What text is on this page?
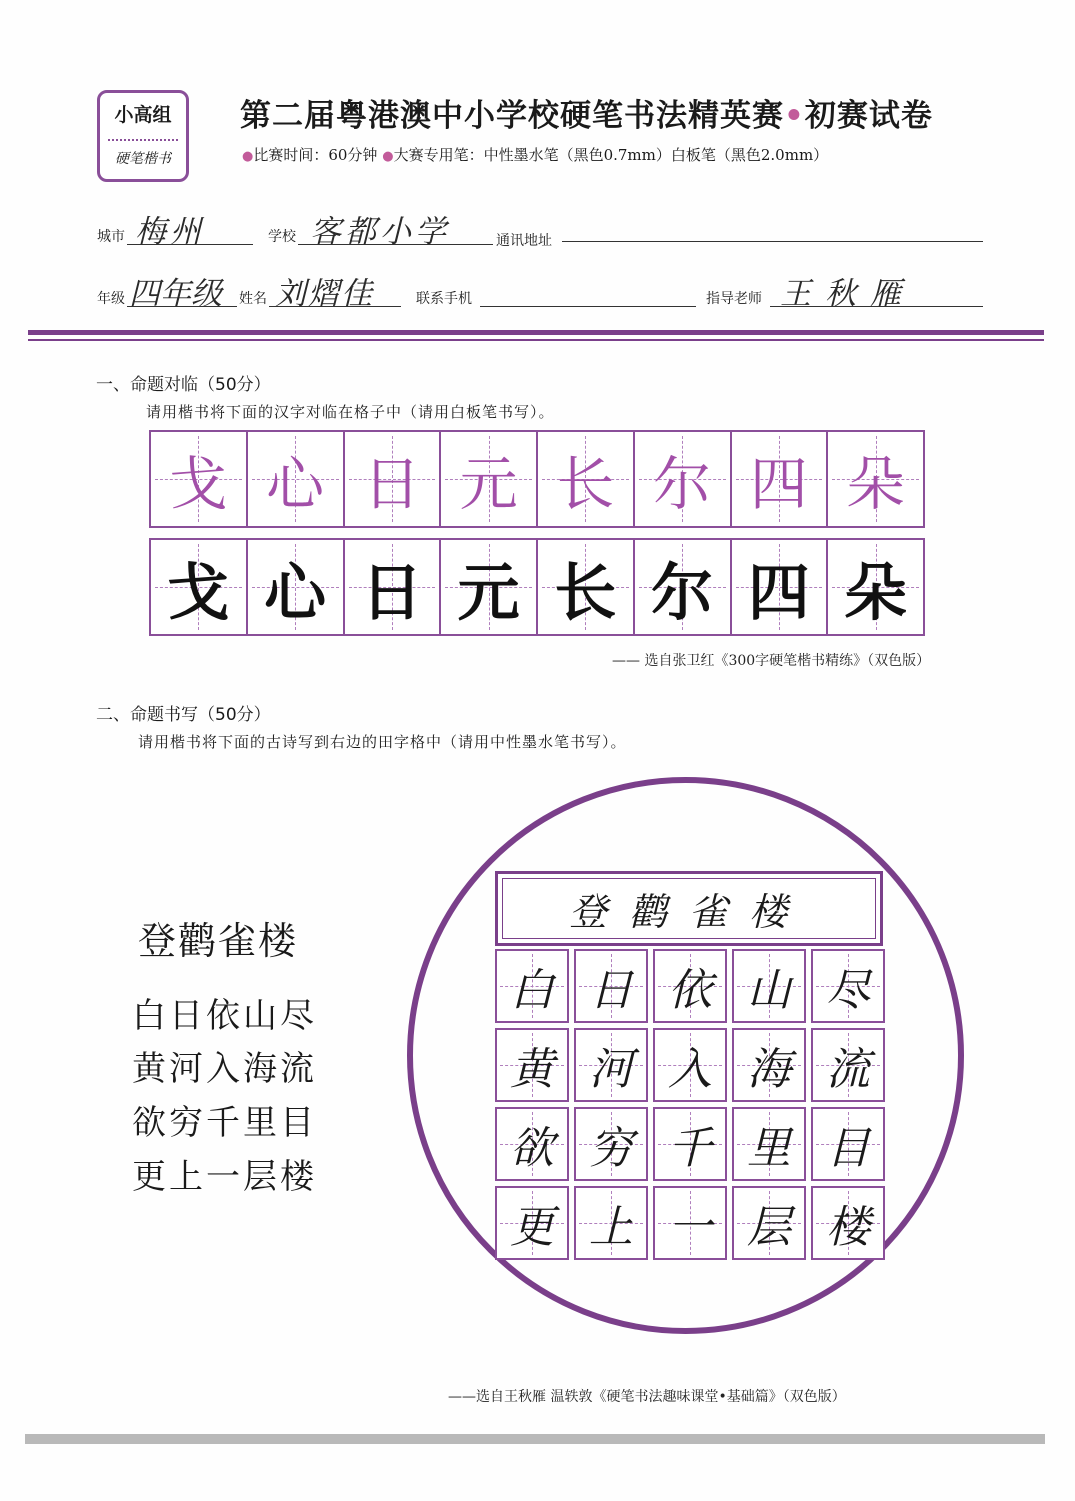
小高组
硬笔楷书
第二届粤港澳中小学校硬笔书法精英赛•初赛试卷
●比赛时间：60分钟 ●大赛专用笔：中性墨水笔（黑色0.7mm）白板笔（黑色2.0mm）
城市 梅州	学校 客都小学	通讯地址
年级 四年级 姓名 刘熠佳	联系手机	指导老师 王秋雁
一、命题对临（50分）
请用楷书将下面的汉字对临在格子中（请用白板笔书写）。
戈 心 日 元 长 尔 四 朵
戈 心 日 元 长 尔 四 朵
—— 选自张卫红《300字硬笔楷书精练》（双色版）
二、命题书写（50分）
请用楷书将下面的古诗写到右边的田字格中（请用中性墨水笔书写）。
登鹳雀楼
白日依山尽
黄河入海流
欲穷千里目
更上一层楼
登鹳雀楼
白 日 依 山 尽
黄 河 入 海 流
欲 穷 千 里 目
更 上 一 层 楼
——选自王秋雁 温轶敦《硬笔书法趣味课堂•基础篇》（双色版）
